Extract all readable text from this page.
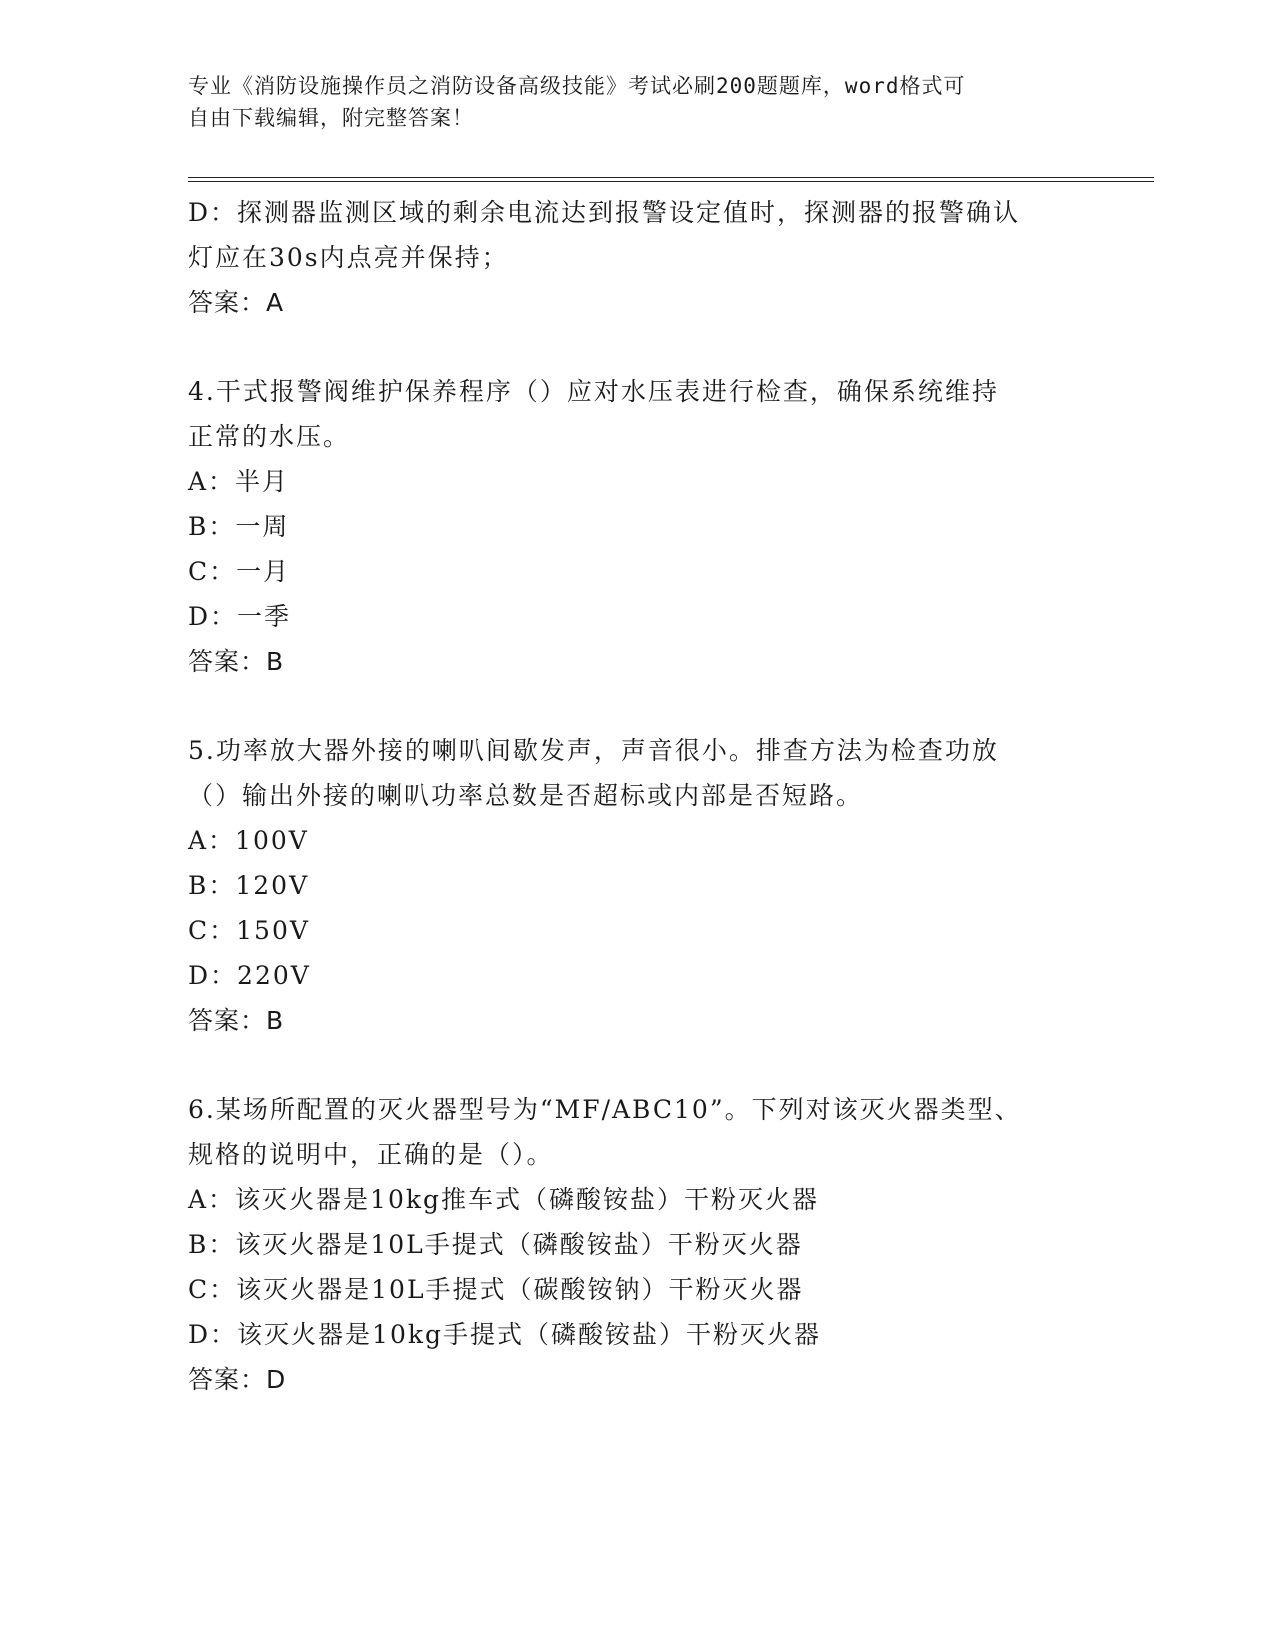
专业《消防设施操作员之消防设备高级技能》考试必刷200题题库，word格式可
自由下载编辑，附完整答案！
D：探测器监测区域的剩余电流达到报警设定值时，探测器的报警确认
灯应在30s内点亮并保持；
答案：A
4.干式报警阀维护保养程序（）应对水压表进行检查，确保系统维持
正常的水压。
A：半月
B：一周
C：一月
D：一季
答案：B
5.功率放大器外接的喇叭间歇发声，声音很小。排查方法为检查功放
（）输出外接的喇叭功率总数是否超标或内部是否短路。
A：100V
B：120V
C：150V
D：220V
答案：B
6.某场所配置的灭火器型号为“MF/ABC10”。下列对该灭火器类型、
规格的说明中，正确的是（）。
A：该灭火器是10kg推车式（磷酸铵盐）干粉灭火器
B：该灭火器是10L手提式（磷酸铵盐）干粉灭火器
C：该灭火器是10L手提式（碳酸铵钠）干粉灭火器
D：该灭火器是10kg手提式（磷酸铵盐）干粉灭火器
答案：D
